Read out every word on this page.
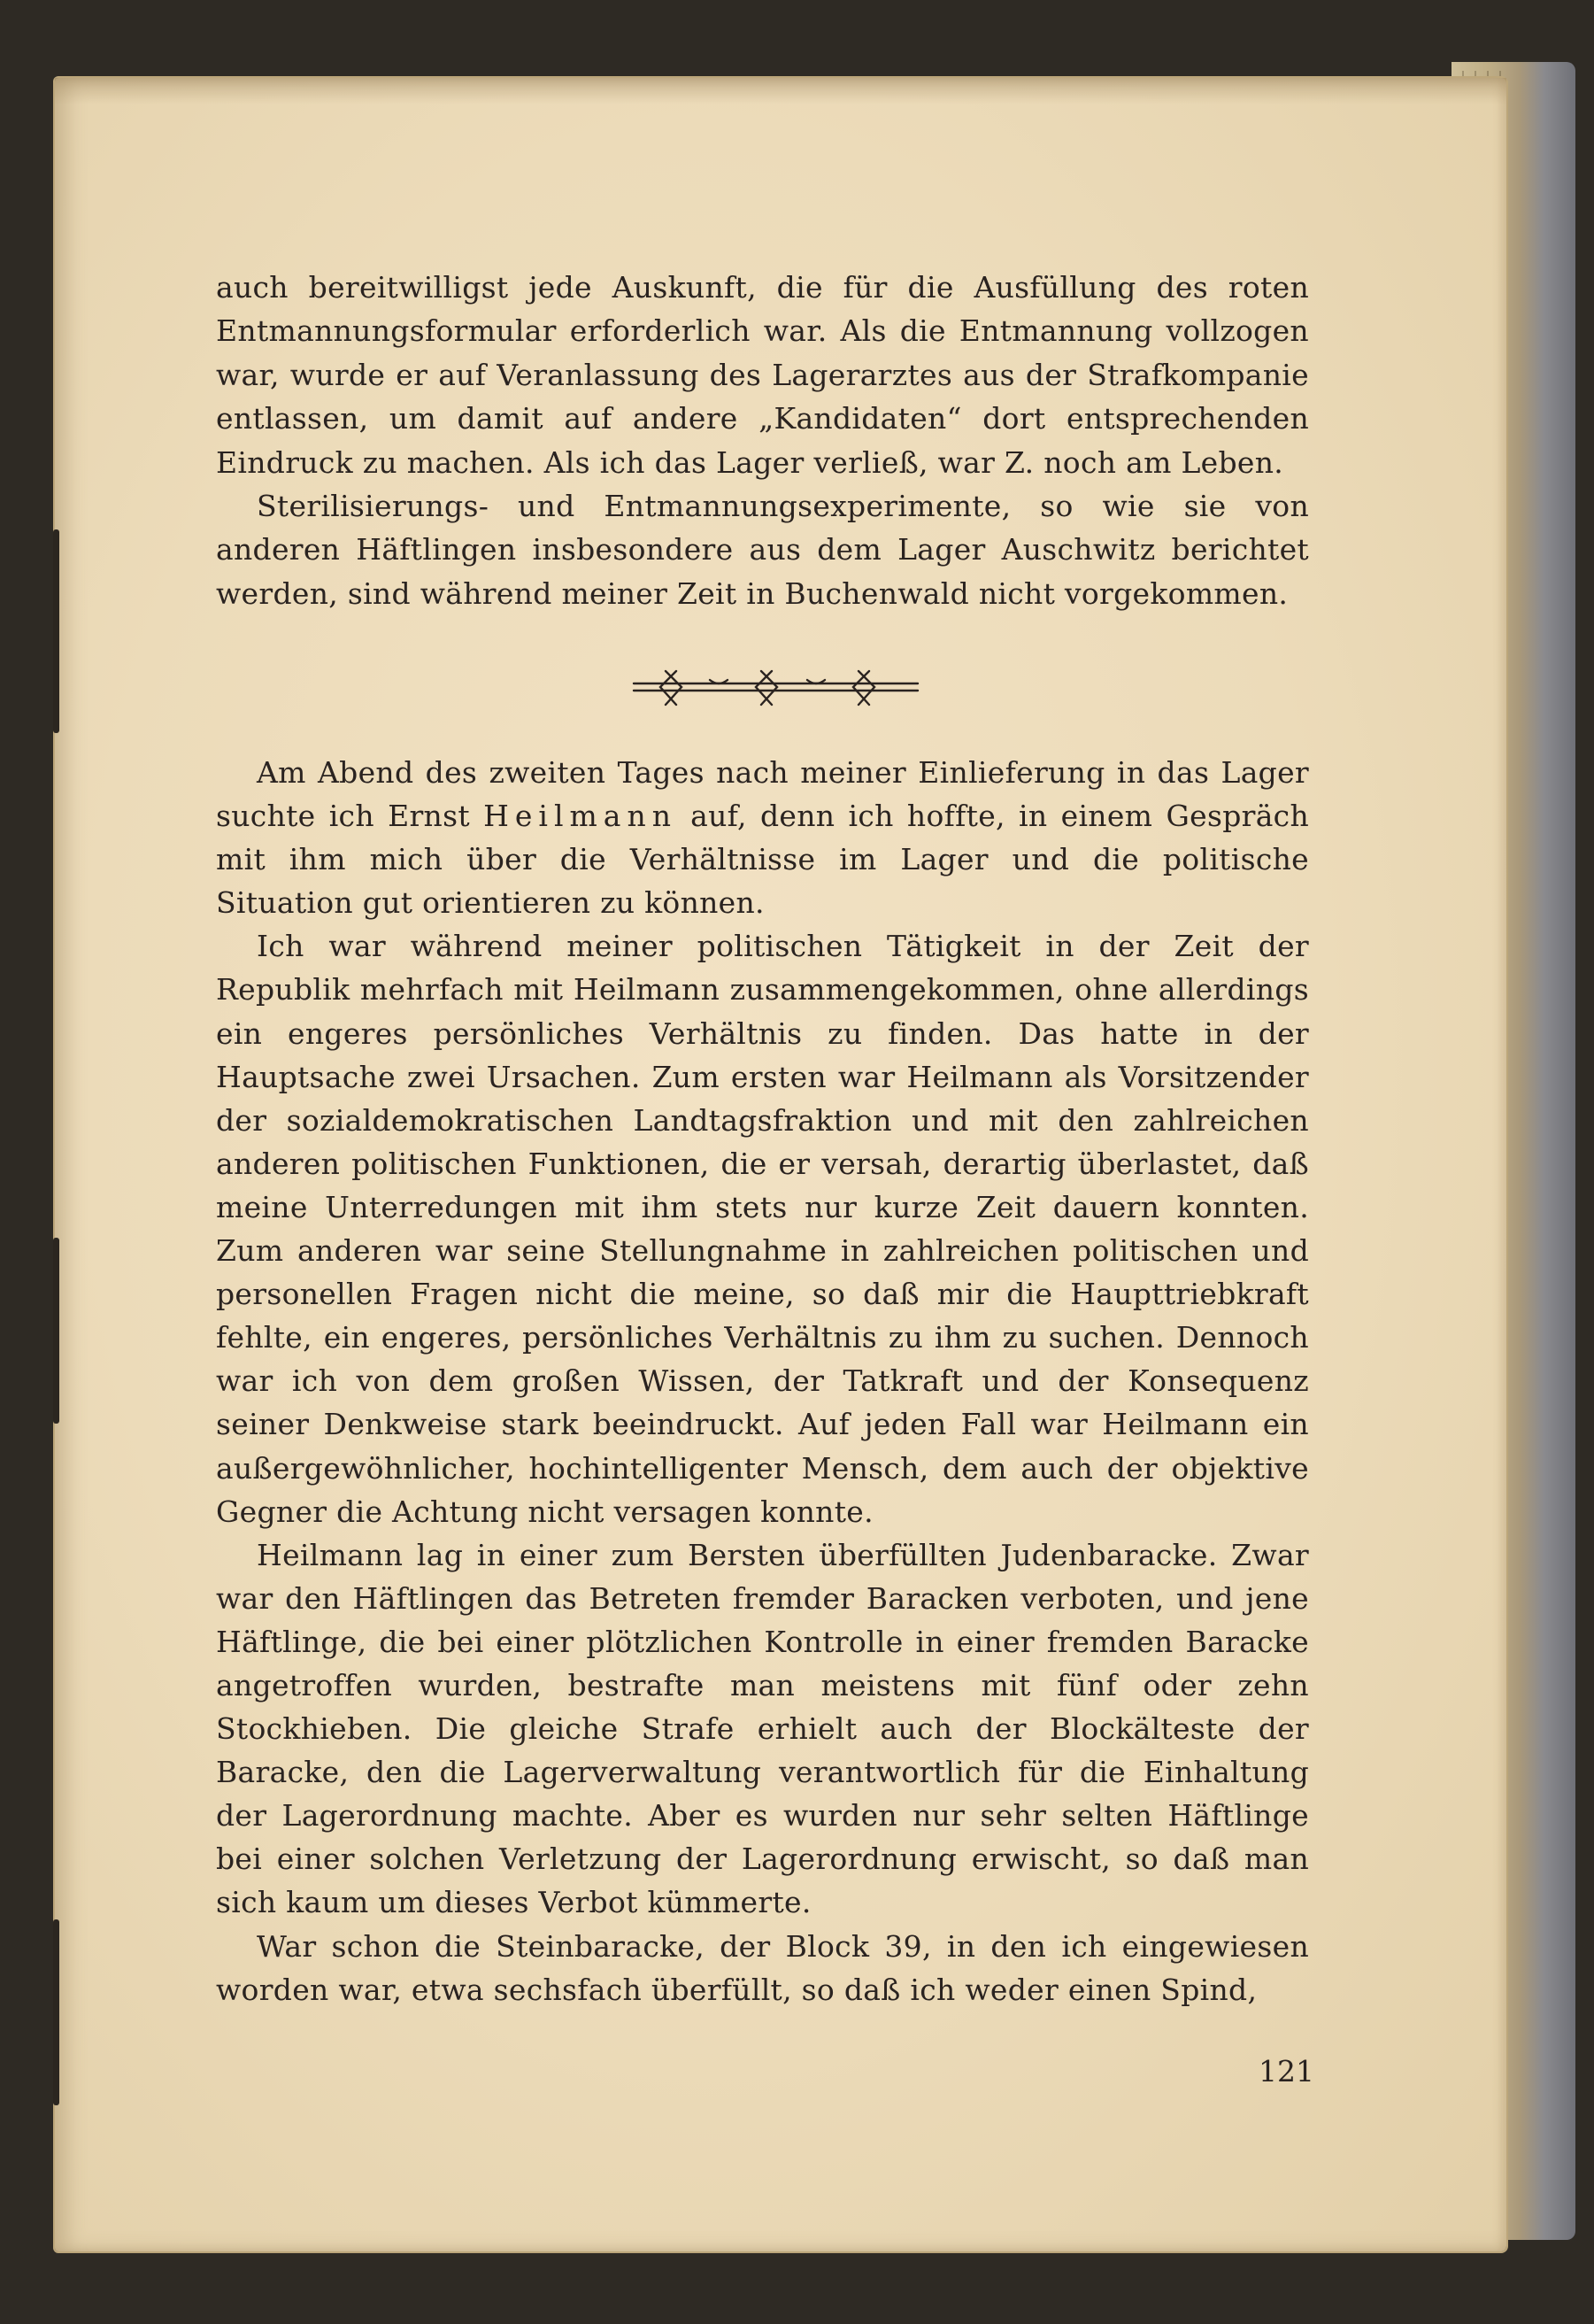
auch bereitwilligst jede Auskunft, die für die Ausfüllung des roten Entmannungsformular erforderlich war. Als die Entmannung vollzogen war, wurde er auf Veranlassung des Lagerarztes aus der Strafkompanie entlassen, um damit auf andere „Kandidaten“ dort entsprechenden Eindruck zu machen. Als ich das Lager verließ, war Z. noch am Leben.

Sterilisierungs- und Entmannungsexperimente, so wie sie von anderen Häftlingen insbesondere aus dem Lager Auschwitz berichtet werden, sind während meiner Zeit in Buchenwald nicht vorgekommen.

Am Abend des zweiten Tages nach meiner Einlieferung in das Lager suchte ich Ernst Heilmann auf, denn ich hoffte, in einem Gespräch mit ihm mich über die Verhältnisse im Lager und die politische Situation gut orientieren zu können.

Ich war während meiner politischen Tätigkeit in der Zeit der Republik mehrfach mit Heilmann zusammengekommen, ohne allerdings ein engeres persönliches Verhältnis zu finden. Das hatte in der Hauptsache zwei Ursachen. Zum ersten war Heilmann als Vorsitzender der sozialdemokratischen Landtagsfraktion und mit den zahlreichen anderen politischen Funktionen, die er versah, derartig überlastet, daß meine Unterredungen mit ihm stets nur kurze Zeit dauern konnten. Zum anderen war seine Stellungnahme in zahlreichen politischen und personellen Fragen nicht die meine, so daß mir die Haupttriebkraft fehlte, ein engeres, persönliches Verhältnis zu ihm zu suchen. Dennoch war ich von dem großen Wissen, der Tatkraft und der Konsequenz seiner Denkweise stark beeindruckt. Auf jeden Fall war Heilmann ein außergewöhnlicher, hochintelligenter Mensch, dem auch der objektive Gegner die Achtung nicht versagen konnte.

Heilmann lag in einer zum Bersten überfüllten Judenbaracke. Zwar war den Häftlingen das Betreten fremder Baracken verboten, und jene Häftlinge, die bei einer plötzlichen Kontrolle in einer fremden Baracke angetroffen wurden, bestrafte man meistens mit fünf oder zehn Stockhieben. Die gleiche Strafe erhielt auch der Blockälteste der Baracke, den die Lagerverwaltung verantwortlich für die Einhaltung der Lagerordnung machte. Aber es wurden nur sehr selten Häftlinge bei einer solchen Verletzung der Lagerordnung erwischt, so daß man sich kaum um dieses Verbot kümmerte.

War schon die Steinbaracke, der Block 39, in den ich eingewiesen worden war, etwa sechsfach überfüllt, so daß ich weder einen Spind,

121
